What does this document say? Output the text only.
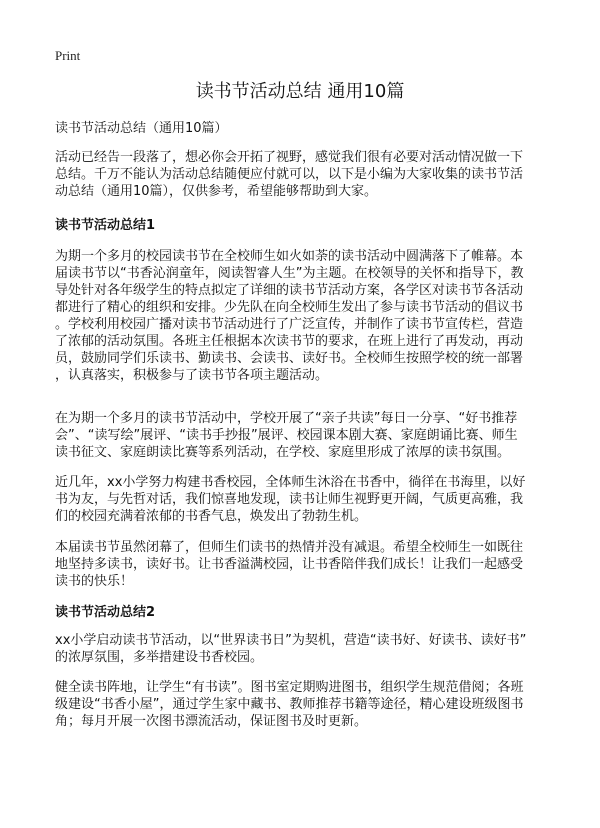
Print
读书节活动总结 通用10篇
读书节活动总结（通用10篇）
活动已经告一段落了，想必你会开拓了视野，感觉我们很有必要对活动情况做一下
总结。千万不能认为活动总结随便应付就可以，以下是小编为大家收集的读书节活
动总结（通用10篇），仅供参考，希望能够帮助到大家。
读书节活动总结1
为期一个多月的校园读书节在全校师生如火如荼的读书活动中圆满落下了帷幕。本
届读书节以“书香沁润童年，阅读智睿人生”为主题。在校领导的关怀和指导下，教
导处针对各年级学生的特点拟定了详细的读书节活动方案，各学区对读书节各活动
都进行了精心的组织和安排。少先队在向全校师生发出了参与读书节活动的倡议书
。学校利用校园广播对读书节活动进行了广泛宣传，并制作了读书节宣传栏，营造
了浓郁的活动氛围。各班主任根据本次读书节的要求，在班上进行了再发动，再动
员，鼓励同学们乐读书、勤读书、会读书、读好书。全校师生按照学校的统一部署
，认真落实，积极参与了读书节各项主题活动。
在为期一个多月的读书节活动中，学校开展了“亲子共读”每日一分享、“好书推荐
会”、“读写绘”展评、“读书手抄报”展评、校园课本剧大赛、家庭朗诵比赛、师生
读书征文、家庭朗读比赛等系列活动，在学校、家庭里形成了浓厚的读书氛围。
近几年，xx小学努力构建书香校园，全体师生沐浴在书香中，徜徉在书海里，以好
书为友，与先哲对话，我们惊喜地发现，读书让师生视野更开阔，气质更高雅，我
们的校园充满着浓郁的书香气息，焕发出了勃勃生机。
本届读书节虽然闭幕了，但师生们读书的热情并没有减退。希望全校师生一如既往
地坚持多读书，读好书。让书香溢满校园，让书香陪伴我们成长！让我们一起感受
读书的快乐！
读书节活动总结2
xx小学启动读书节活动，以“世界读书日”为契机，营造“读书好、好读书、读好书”
的浓厚氛围，多举措建设书香校园。
健全读书阵地，让学生“有书读”。图书室定期购进图书，组织学生规范借阅；各班
级建设“书香小屋”，通过学生家中藏书、教师推荐书籍等途径，精心建设班级图书
角；每月开展一次图书漂流活动，保证图书及时更新。
